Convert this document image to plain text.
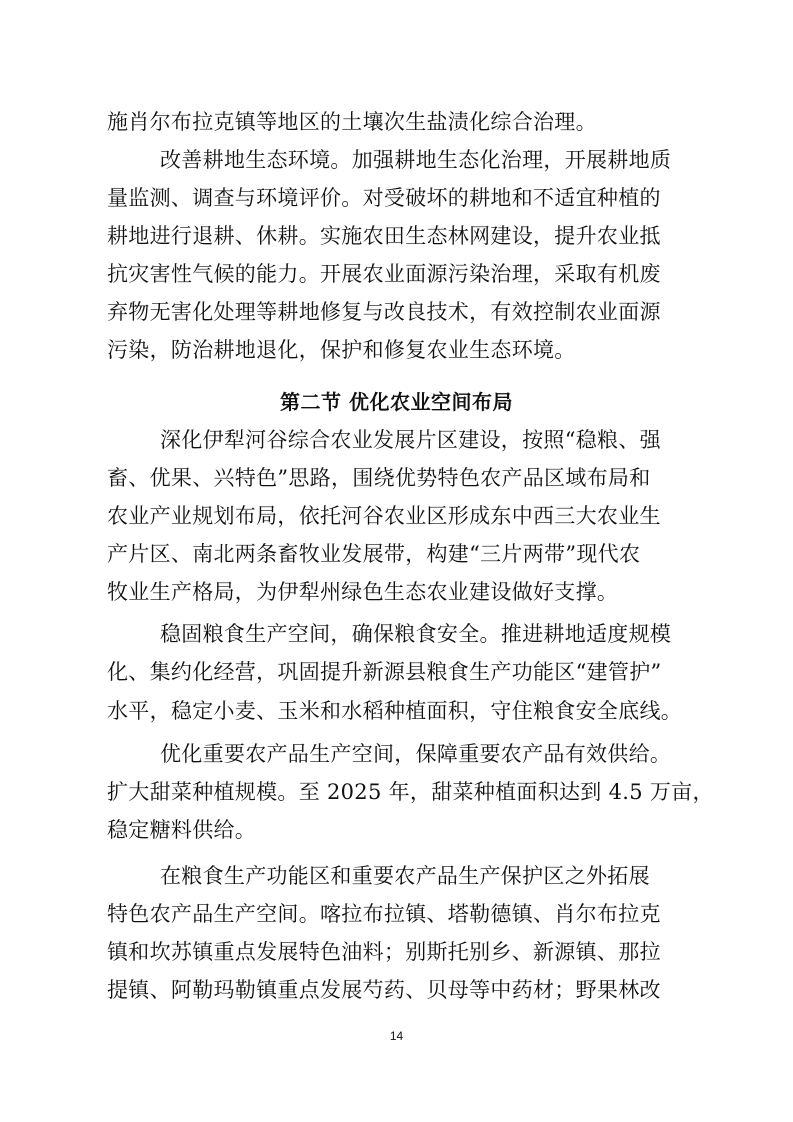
施肖尔布拉克镇等地区的土壤次生盐渍化综合治理。
改善耕地生态环境。加强耕地生态化治理，开展耕地质
量监测、调查与环境评价。对受破坏的耕地和不适宜种植的
耕地进行退耕、休耕。实施农田生态林网建设，提升农业抵
抗灾害性气候的能力。开展农业面源污染治理，采取有机废
弃物无害化处理等耕地修复与改良技术，有效控制农业面源
污染，防治耕地退化，保护和修复农业生态环境。
第二节 优化农业空间布局
深化伊犁河谷综合农业发展片区建设，按照“稳粮、强
畜、优果、兴特色”思路，围绕优势特色农产品区域布局和
农业产业规划布局，依托河谷农业区形成东中西三大农业生
产片区、南北两条畜牧业发展带，构建“三片两带”现代农
牧业生产格局，为伊犁州绿色生态农业建设做好支撑。
稳固粮食生产空间，确保粮食安全。推进耕地适度规模
化、集约化经营，巩固提升新源县粮食生产功能区“建管护”
水平，稳定小麦、玉米和水稻种植面积，守住粮食安全底线。
优化重要农产品生产空间，保障重要农产品有效供给。
扩大甜菜种植规模。至 2025 年，甜菜种植面积达到 4.5 万亩，
稳定糖料供给。
在粮食生产功能区和重要农产品生产保护区之外拓展
特色农产品生产空间。喀拉布拉镇、塔勒德镇、肖尔布拉克
镇和坎苏镇重点发展特色油料；别斯托别乡、新源镇、那拉
提镇、阿勒玛勒镇重点发展芍药、贝母等中药材；野果林改
14
